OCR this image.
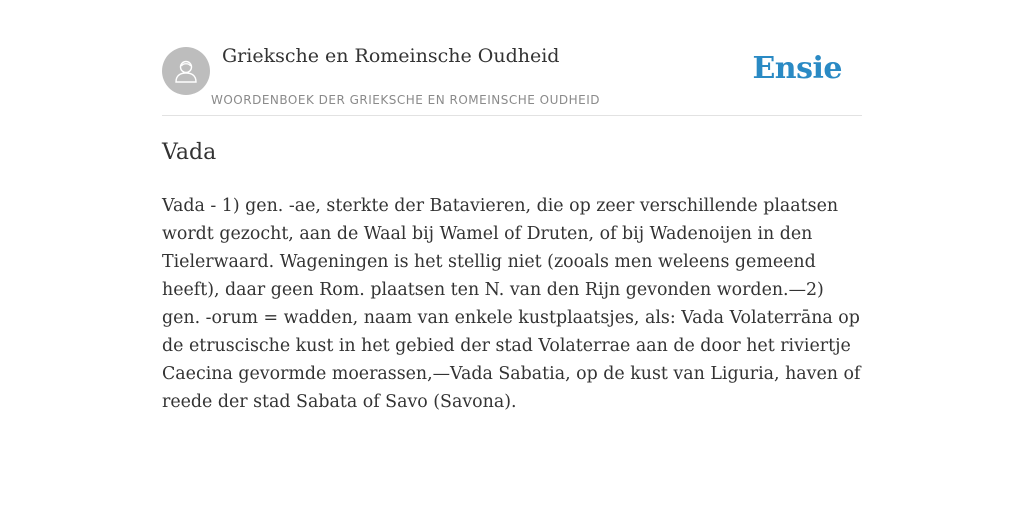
Grieksche en Romeinsche Oudheid
WOORDENBOEK DER GRIEKSCHE EN ROMEINSCHE OUDHEID
Ensie
Vada

Vada - 1) gen. -ae, sterkte der Batavieren, die op zeer verschillende plaatsen wordt gezocht, aan de Waal bij Wamel of Druten, of bij Wadenoijen in den Tielerwaard. Wageningen is het stellig niet (zooals men weleens gemeend heeft), daar geen Rom. plaatsen ten N. van den Rijn gevonden worden.—2) gen. -orum = wadden, naam van enkele kustplaatsjes, als: Vada Volaterrāna op de etruscische kust in het gebied der stad Volaterrae aan de door het riviertje Caecina gevormde moerassen,—Vada Sabatia, op de kust van Liguria, haven of reede der stad Sabata of Savo (Savona).
